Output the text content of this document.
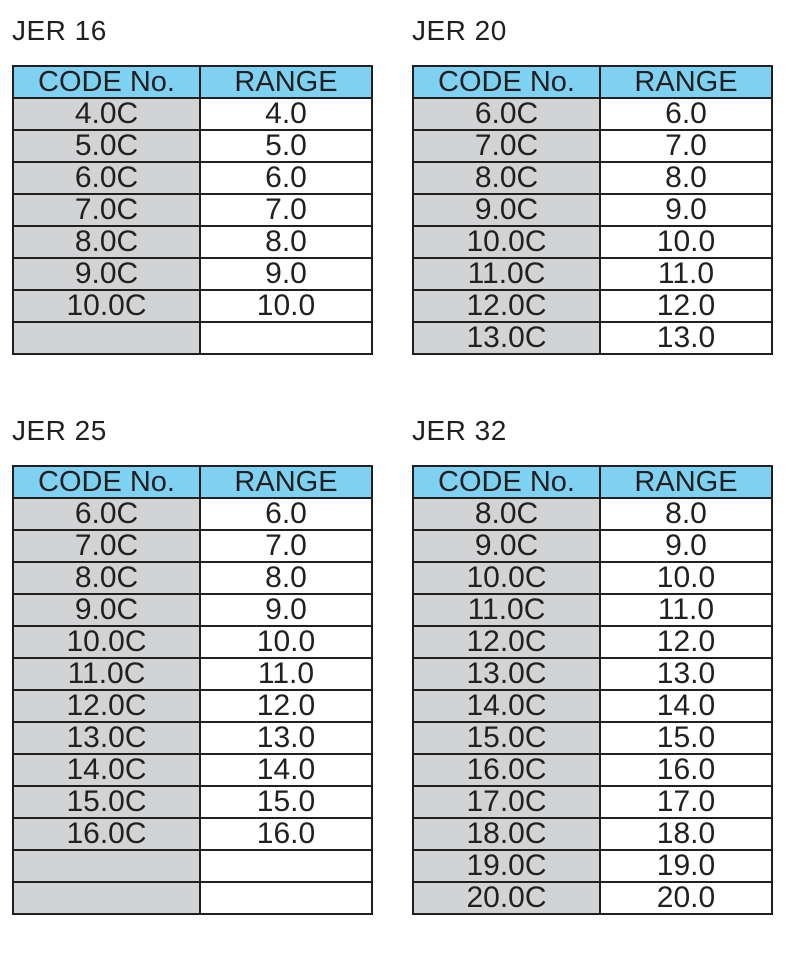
JER 16
CODE No.	RANGE
4.0C	4.0
5.0C	5.0
6.0C	6.0
7.0C	7.0
8.0C	8.0
9.0C	9.0
10.0C	10.0

JER 20
CODE No.	RANGE
6.0C	6.0
7.0C	7.0
8.0C	8.0
9.0C	9.0
10.0C	10.0
11.0C	11.0
12.0C	12.0
13.0C	13.0
JER 25
CODE No.	RANGE
6.0C	6.0
7.0C	7.0
8.0C	8.0
9.0C	9.0
10.0C	10.0
11.0C	11.0
12.0C	12.0
13.0C	13.0
14.0C	14.0
15.0C	15.0
16.0C	16.0

JER 32
CODE No.	RANGE
8.0C	8.0
9.0C	9.0
10.0C	10.0
11.0C	11.0
12.0C	12.0
13.0C	13.0
14.0C	14.0
15.0C	15.0
16.0C	16.0
17.0C	17.0
18.0C	18.0
19.0C	19.0
20.0C	20.0
